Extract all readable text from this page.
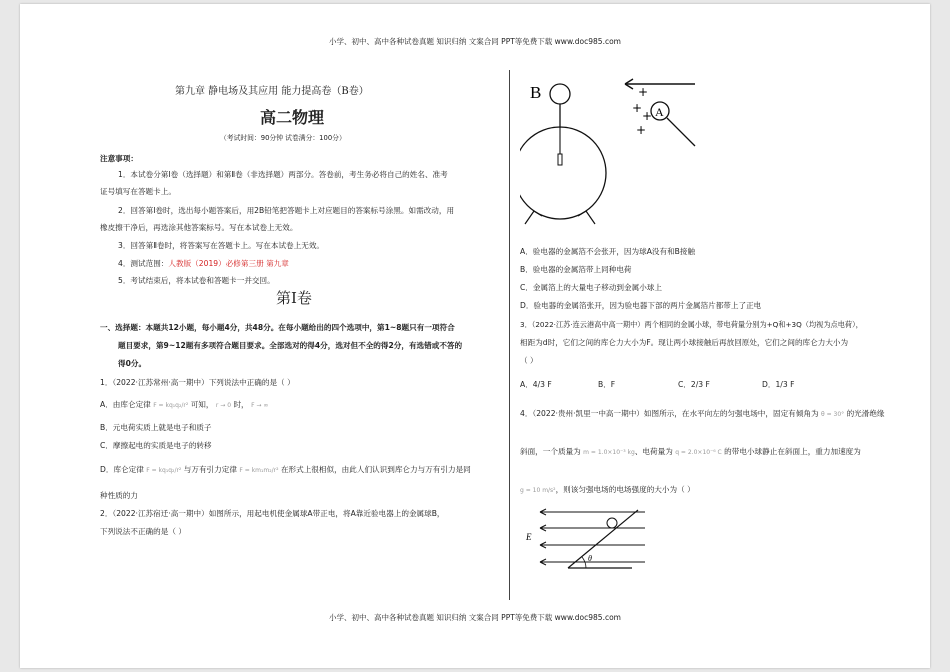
小学、初中、高中各种试卷真题 知识归纳 文案合同 PPT等免费下载 www.doc985.com
第九章 静电场及其应用 能力提高卷（B卷）
高二物理
（考试时间：90分钟 试卷满分：100分）
注意事项：
1．本试卷分第Ⅰ卷（选择题）和第Ⅱ卷（非选择题）两部分。答卷前，考生务必将自己的姓名、准考
证号填写在答题卡上。
2．回答第Ⅰ卷时，选出每小题答案后，用2B铅笔把答题卡上对应题目的答案标号涂黑。如需改动，用
橡皮擦干净后，再选涂其他答案标号。写在本试卷上无效。
3．回答第Ⅱ卷时，将答案写在答题卡上。写在本试卷上无效。
4．测试范围：人教版（2019）必修第三册 第九章
5．考试结束后，将本试卷和答题卡一并交回。
第Ⅰ卷
一、选择题：本题共12小题，每小题4分，共48分。在每小题给出的四个选项中，第1~8题只有一项符合
题目要求，第9~12题有多项符合题目要求。全部选对的得4分，选对但不全的得2分，有选错或不答的
得0分。
1．（2022·江苏常州·高一期中）下列说法中正确的是（ ）
A．由库仑定律 F = kq₁q₂/r² 可知， r → 0 时， F → ∞
B．元电荷实质上就是电子和质子
C．摩擦起电的实质是电子的转移
D．库仑定律 F = kq₁q₂/r² 与万有引力定律 F = km₁m₂/r² 在形式上很相似，由此人们认识到库仑力与万有引力是同
种性质的力
2．（2022·江苏宿迁·高一期中）如图所示，用起电机使金属球A带正电，将A靠近验电器上的金属球B，
下列说法不正确的是（ ）
B
A
+
+
+
+
A．验电器的金属箔不会张开，因为球A没有和B接触
B．验电器的金属箔带上同种电荷
C．金属箔上的大量电子移动到金属小球上
D．验电器的金属箔张开，因为验电器下部的两片金属箔片都带上了正电
3．（2022·江苏·连云港高中高一期中）两个相同的金属小球，带电荷量分别为+Q和+3Q（均视为点电荷），
相距为d时，它们之间的库仑力大小为F。现让两小球接触后再放回原处，它们之间的库仑力大小为
（ ）
A．4/3 F	B．F	C．2/3 F	D．1/3 F
4．（2022·贵州·凯里一中高一期中）如图所示，在水平向左的匀强电场中，固定有倾角为 θ = 30° 的光滑绝缘
斜面，一个质量为 m = 1.0×10⁻³ kg、电荷量为 q = 2.0×10⁻⁶ C 的带电小球静止在斜面上，重力加速度为
g = 10 m/s²，则该匀强电场的电场强度的大小为（ ）
E
θ
小学、初中、高中各种试卷真题 知识归纳 文案合同 PPT等免费下载 www.doc985.com
